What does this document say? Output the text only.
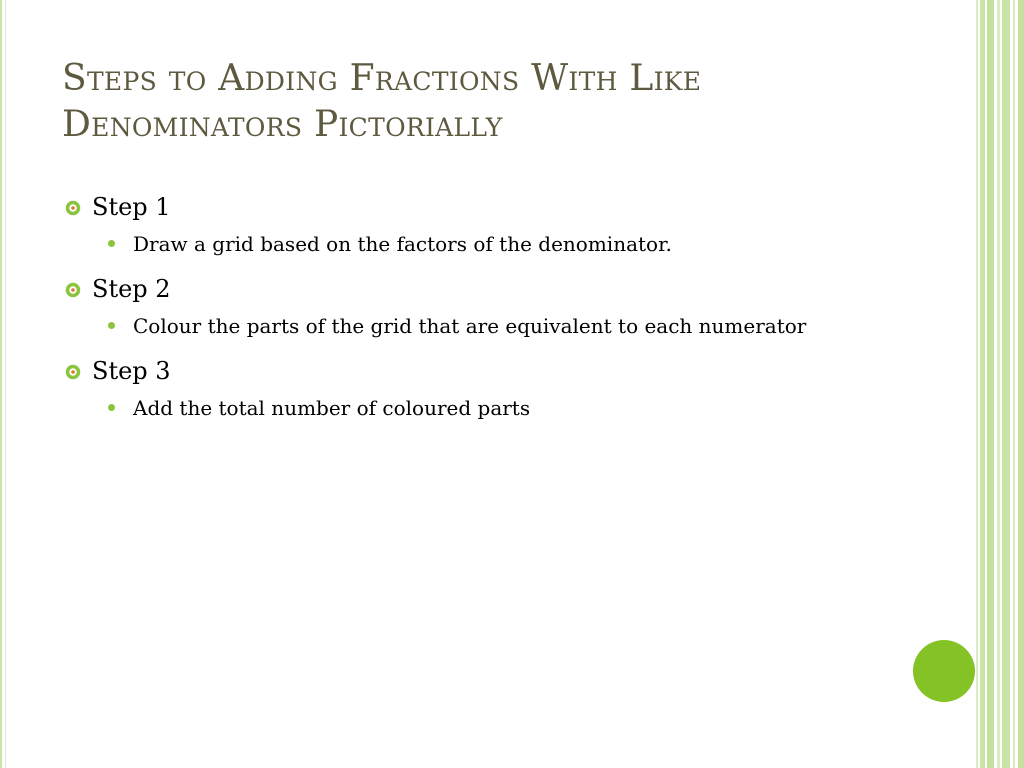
Steps to Adding Fractions With Like
Denominators Pictorially
Step 1
Draw a grid based on the factors of the denominator.
Step 2
Colour the parts of the grid that are equivalent to each numerator
Step 3
Add the total number of coloured parts
